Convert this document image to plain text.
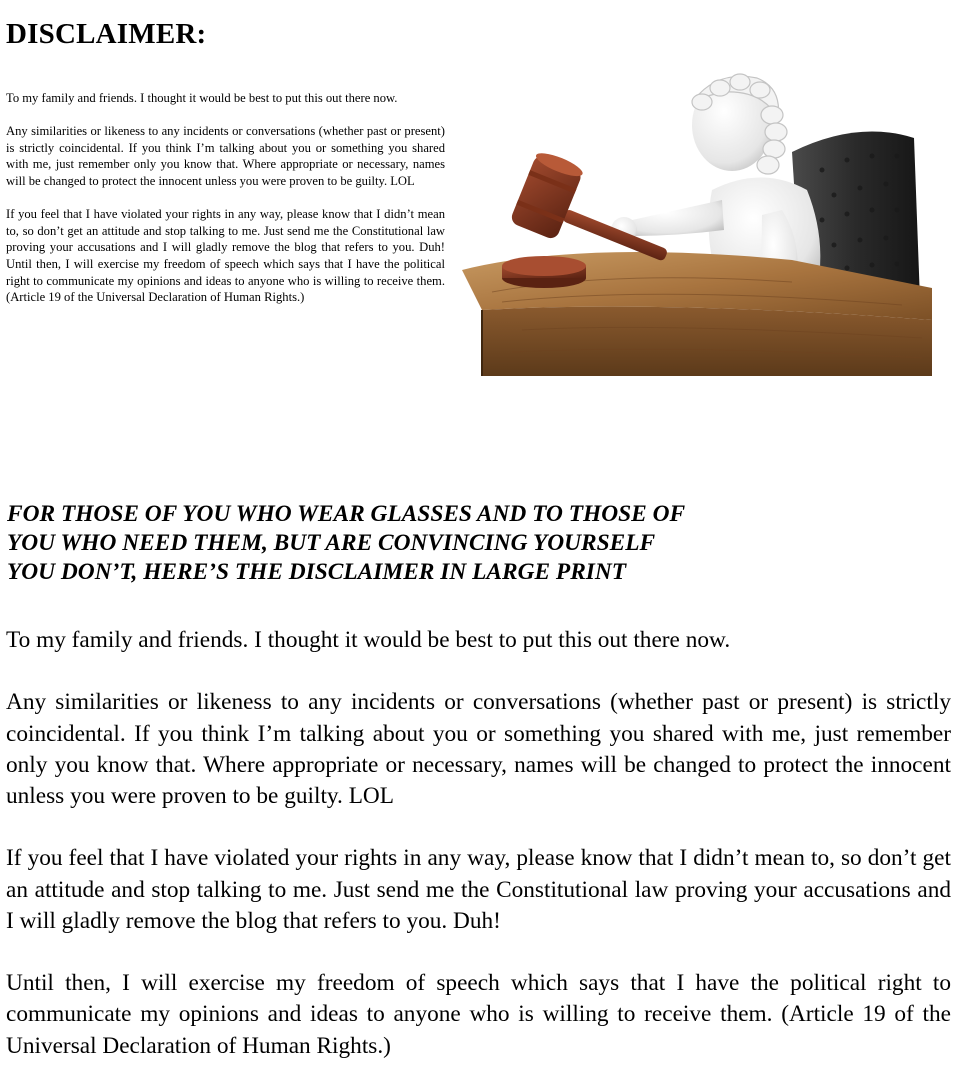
DISCLAIMER:

To my family and friends. I thought it would be best to put this out there now.

Any similarities or likeness to any incidents or conversations (whether past or present) is strictly coincidental. If you think I’m talking about you or something you shared with me, just remember only you know that. Where appropriate or necessary, names will be changed to protect the innocent unless you were proven to be guilty. LOL

If you feel that I have violated your rights in any way, please know that I didn’t mean to, so don’t get an attitude and stop talking to me. Just send me the Constitutional law proving your accusations and I will gladly remove the blog that refers to you. Duh! Until then, I will exercise my freedom of speech which says that I have the political right to communicate my opinions and ideas to anyone who is willing to receive them. (Article 19 of the Universal Declaration of Human Rights.)

FOR THOSE OF YOU WHO WEAR GLASSES AND TO THOSE OF
YOU WHO NEED THEM, BUT ARE CONVINCING YOURSELF
YOU DON’T, HERE’S THE DISCLAIMER IN LARGE PRINT

To my family and friends. I thought it would be best to put this out there now.

Any similarities or likeness to any incidents or conversations (whether past or present) is strictly coincidental. If you think I’m talking about you or something you shared with me, just remember only you know that. Where appropriate or necessary, names will be changed to protect the innocent unless you were proven to be guilty. LOL

If you feel that I have violated your rights in any way, please know that I didn’t mean to, so don’t get an attitude and stop talking to me. Just send me the Constitutional law proving your accusations and I will gladly remove the blog that refers to you. Duh!

Until then, I will exercise my freedom of speech which says that I have the political right to communicate my opinions and ideas to anyone who is willing to receive them. (Article 19 of the Universal Declaration of Human Rights.)
